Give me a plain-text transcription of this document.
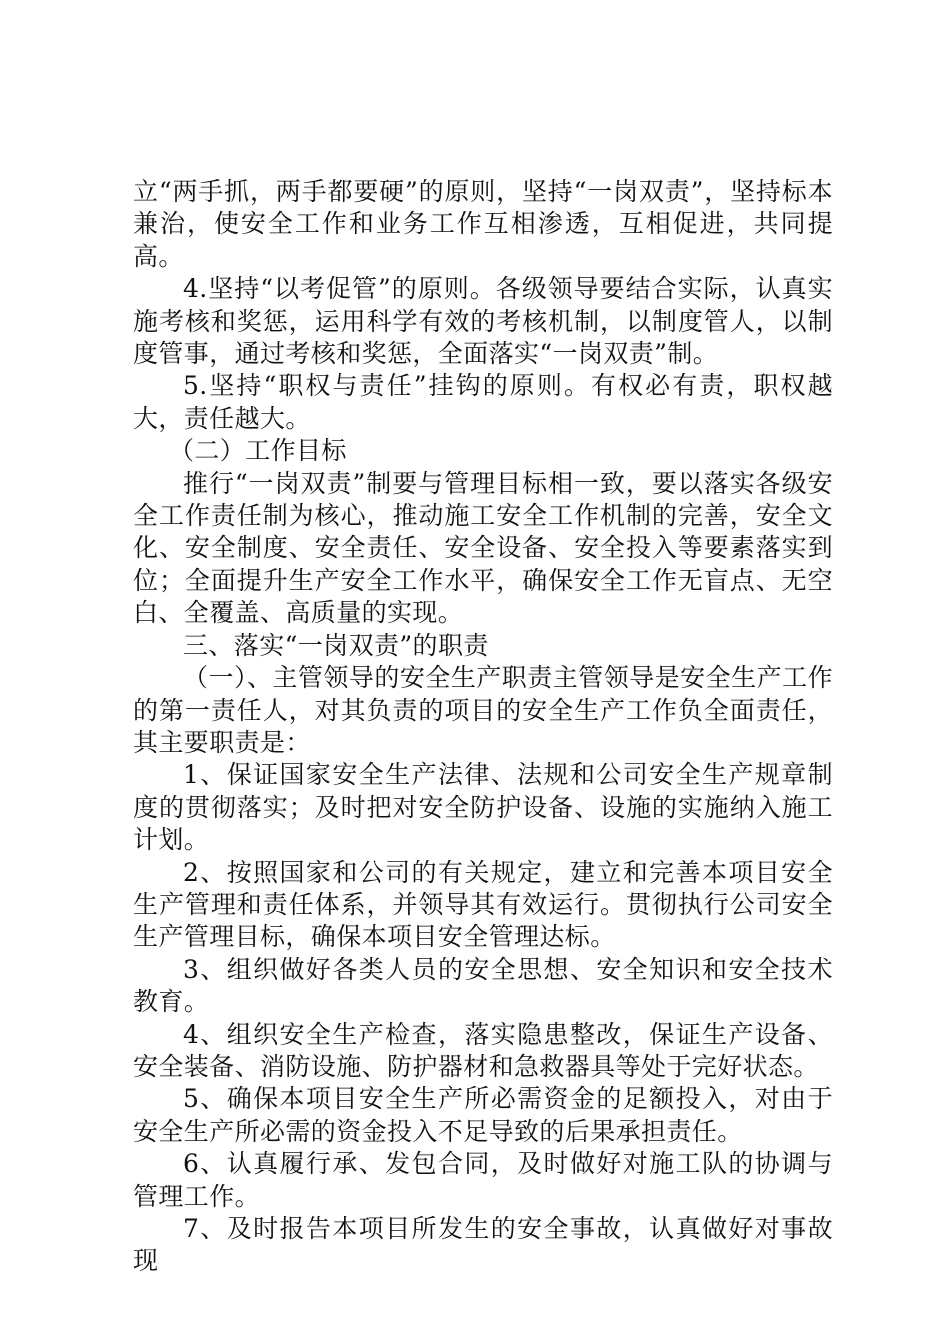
立“两手抓，两手都要硬”的原则，坚持“一岗双责”，坚持标本兼治，使安全工作和业务工作互相渗透，互相促进，共同提高。

4.坚持“以考促管”的原则。各级领导要结合实际，认真实施考核和奖惩，运用科学有效的考核机制，以制度管人，以制度管事，通过考核和奖惩，全面落实“一岗双责”制。

5.坚持“职权与责任”挂钩的原则。有权必有责，职权越大，责任越大。

（二）工作目标

推行“一岗双责”制要与管理目标相一致，要以落实各级安全工作责任制为核心，推动施工安全工作机制的完善，安全文化、安全制度、安全责任、安全设备、安全投入等要素落实到位；全面提升生产安全工作水平，确保安全工作无盲点、无空白、全覆盖、高质量的实现。

三、落实“一岗双责”的职责

（一）、主管领导的安全生产职责主管领导是安全生产工作的第一责任人，对其负责的项目的安全生产工作负全面责任，其主要职责是：

1、保证国家安全生产法律、法规和公司安全生产规章制度的贯彻落实；及时把对安全防护设备、设施的实施纳入施工计划。

2、按照国家和公司的有关规定，建立和完善本项目安全生产管理和责任体系，并领导其有效运行。贯彻执行公司安全生产管理目标，确保本项目安全管理达标。

3、组织做好各类人员的安全思想、安全知识和安全技术教育。

4、组织安全生产检查，落实隐患整改，保证生产设备、安全装备、消防设施、防护器材和急救器具等处于完好状态。

5、确保本项目安全生产所必需资金的足额投入，对由于安全生产所必需的资金投入不足导致的后果承担责任。

6、认真履行承、发包合同，及时做好对施工队的协调与管理工作。

7、及时报告本项目所发生的安全事故，认真做好对事故现
